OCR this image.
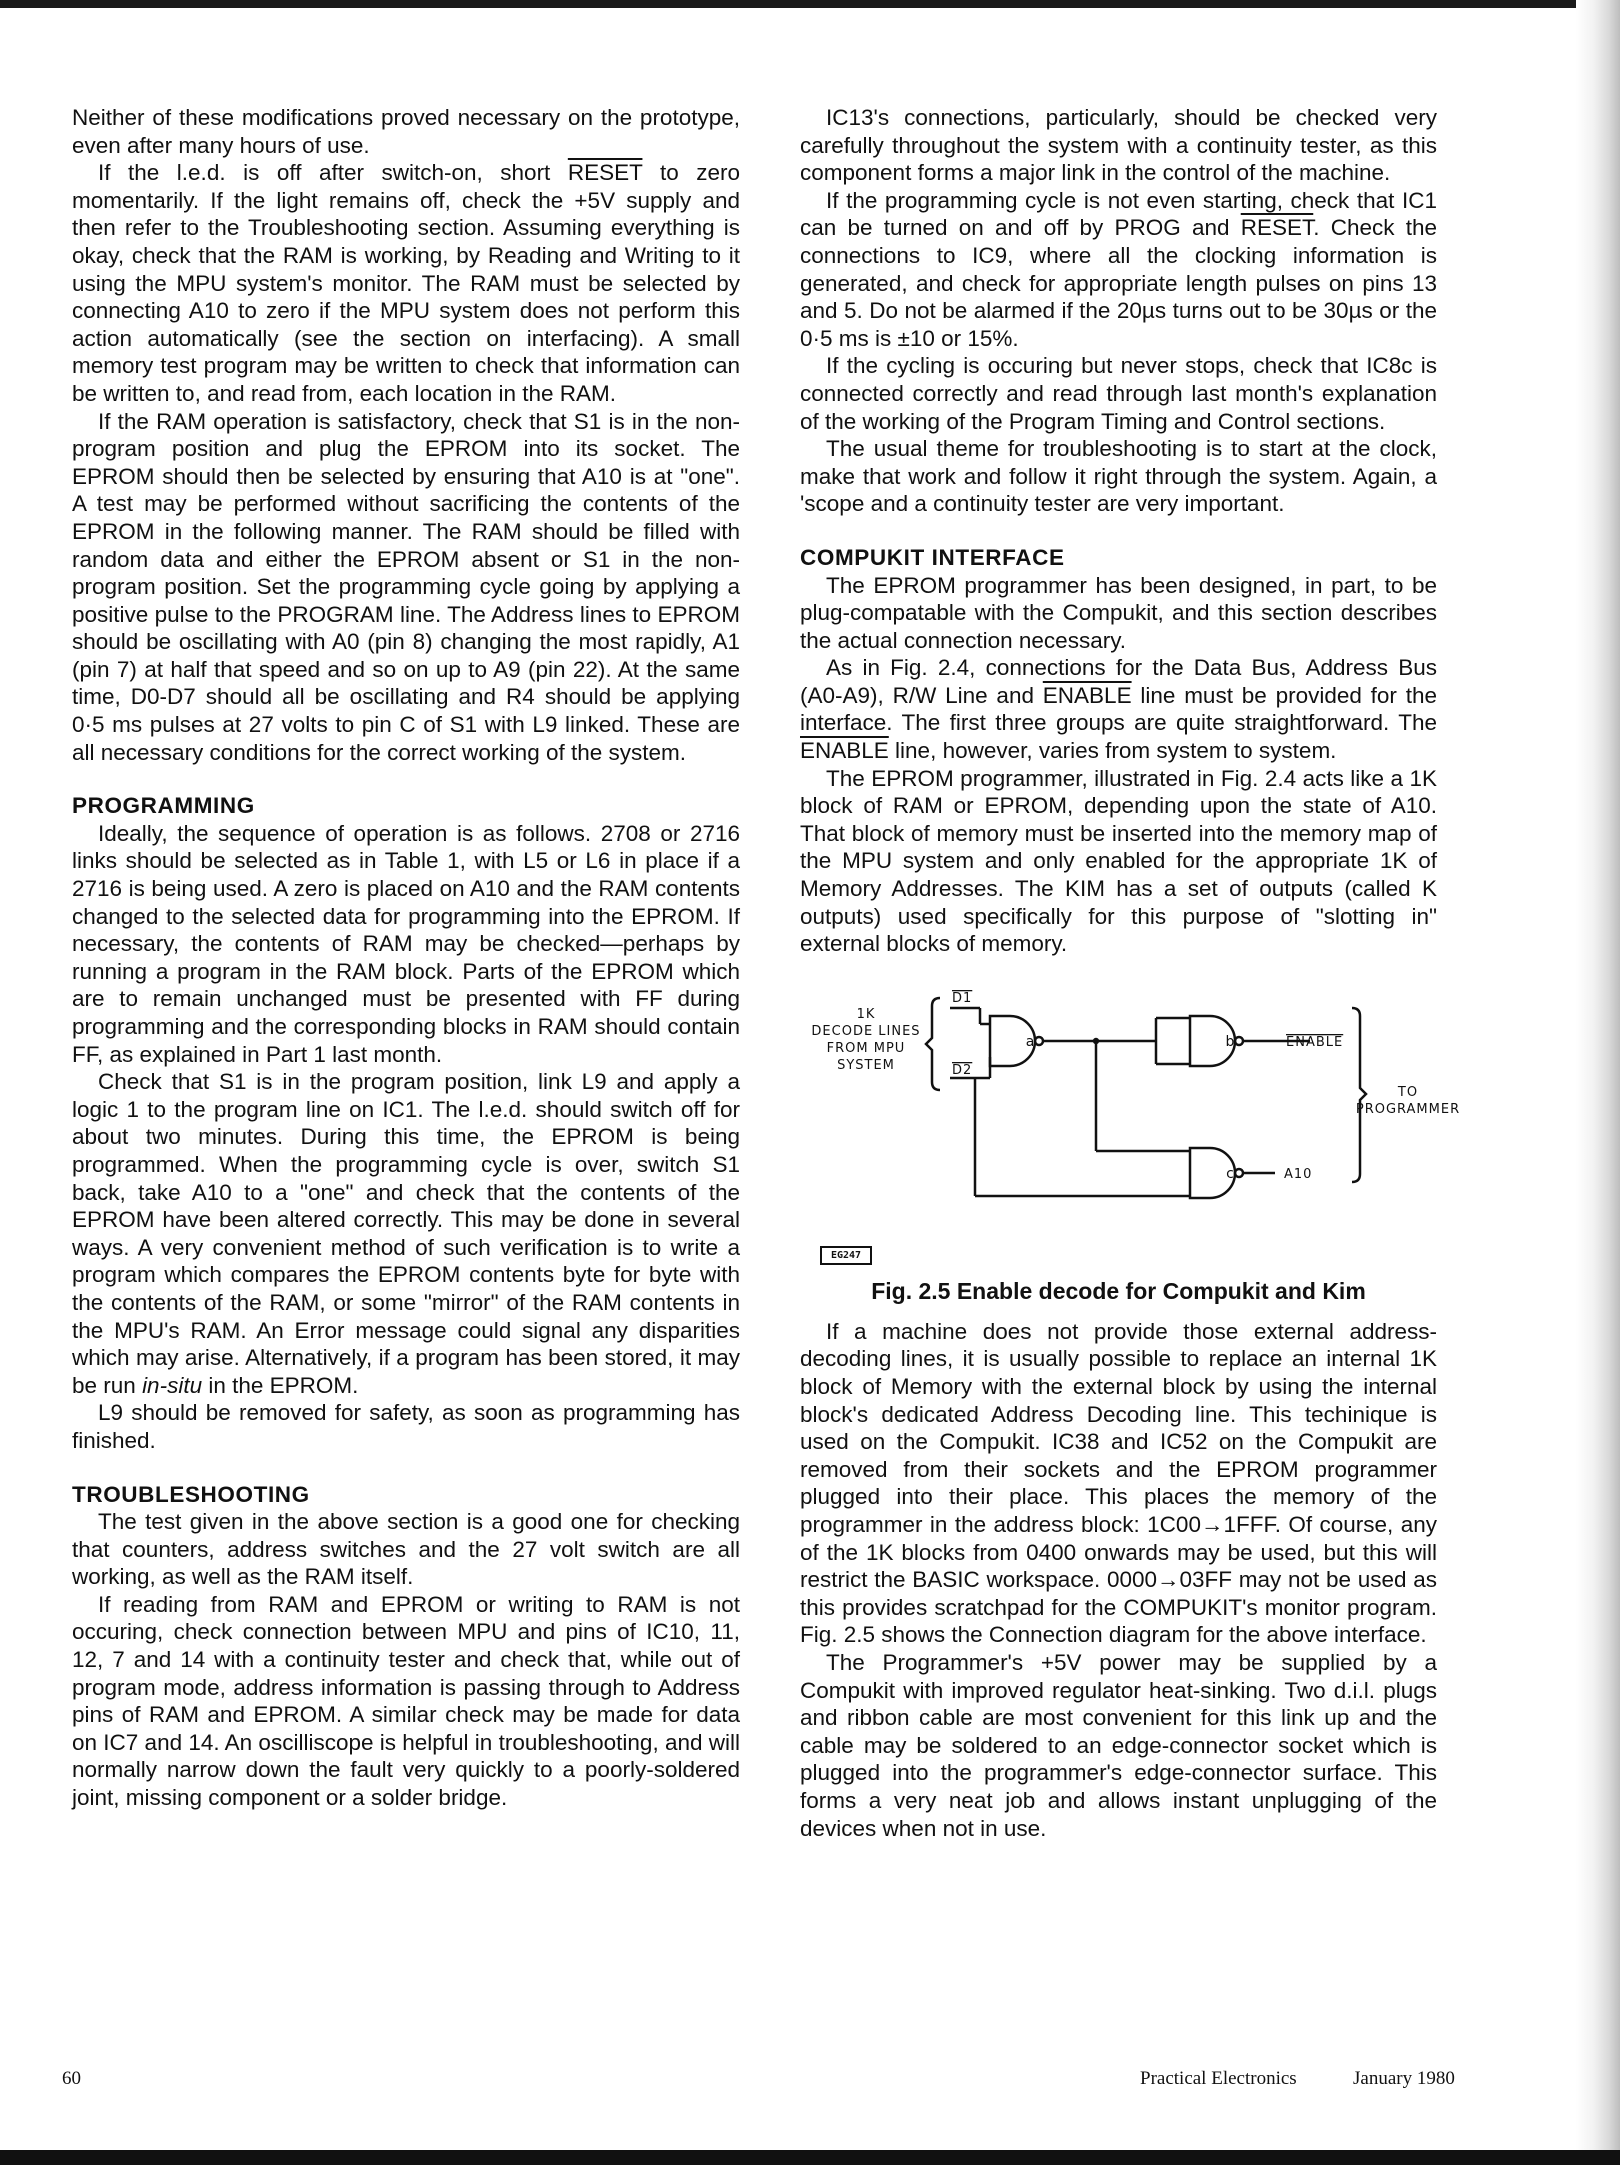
Neither of these modifications proved necessary on the prototype, even after many hours of use.

If the l.e.d. is off after switch-on, short RESET to zero momentarily. If the light remains off, check the +5V supply and then refer to the Troubleshooting section. Assuming everything is okay, check that the RAM is working, by Reading and Writing to it using the MPU system's monitor. The RAM must be selected by connecting A10 to zero if the MPU system does not perform this action automatically (see the section on interfacing). A small memory test program may be written to check that information can be written to, and read from, each location in the RAM.

If the RAM operation is satisfactory, check that S1 is in the non-program position and plug the EPROM into its socket. The EPROM should then be selected by ensuring that A10 is at "one". A test may be performed without sacrificing the contents of the EPROM in the following manner. The RAM should be filled with random data and either the EPROM absent or S1 in the non-program position. Set the programming cycle going by applying a positive pulse to the PROGRAM line. The Address lines to EPROM should be oscillating with A0 (pin 8) changing the most rapidly, A1 (pin 7) at half that speed and so on up to A9 (pin 22). At the same time, D0-D7 should all be oscillating and R4 should be applying 0·5 ms pulses at 27 volts to pin C of S1 with L9 linked. These are all necessary conditions for the correct working of the system.

PROGRAMMING

Ideally, the sequence of operation is as follows. 2708 or 2716 links should be selected as in Table 1, with L5 or L6 in place if a 2716 is being used. A zero is placed on A10 and the RAM contents changed to the selected data for programming into the EPROM. If necessary, the contents of RAM may be checked—perhaps by running a program in the RAM block. Parts of the EPROM which are to remain unchanged must be presented with FF during programming and the corresponding blocks in RAM should contain FF, as explained in Part 1 last month.

Check that S1 is in the program position, link L9 and apply a logic 1 to the program line on IC1. The l.e.d. should switch off for about two minutes. During this time, the EPROM is being programmed. When the programming cycle is over, switch S1 back, take A10 to a "one" and check that the contents of the EPROM have been altered correctly. This may be done in several ways. A very convenient method of such verification is to write a program which compares the EPROM contents byte for byte with the contents of the RAM, or some "mirror" of the RAM contents in the MPU's RAM. An Error message could signal any disparities which may arise. Alternatively, if a program has been stored, it may be run in-situ in the EPROM.

L9 should be removed for safety, as soon as programming has finished.

TROUBLESHOOTING

The test given in the above section is a good one for checking that counters, address switches and the 27 volt switch are all working, as well as the RAM itself.

If reading from RAM and EPROM or writing to RAM is not occuring, check connection between MPU and pins of IC10, 11, 12, 7 and 14 with a continuity tester and check that, while out of program mode, address information is passing through to Address pins of RAM and EPROM. A similar check may be made for data on IC7 and 14. An oscilliscope is helpful in troubleshooting, and will normally narrow down the fault very quickly to a poorly-soldered joint, missing component or a solder bridge.

IC13's connections, particularly, should be checked very carefully throughout the system with a continuity tester, as this component forms a major link in the control of the machine.

If the programming cycle is not even starting, check that IC1 can be turned on and off by PROG and RESET. Check the connections to IC9, where all the clocking information is generated, and check for appropriate length pulses on pins 13 and 5. Do not be alarmed if the 20µs turns out to be 30µs or the 0·5 ms is ±10 or 15%.

If the cycling is occuring but never stops, check that IC8c is connected correctly and read through last month's explanation of the working of the Program Timing and Control sections.

The usual theme for troubleshooting is to start at the clock, make that work and follow it right through the system. Again, a 'scope and a continuity tester are very important.

COMPUKIT INTERFACE

The EPROM programmer has been designed, in part, to be plug-compatable with the Compukit, and this section describes the actual connection necessary.

As in Fig. 2.4, connections for the Data Bus, Address Bus (A0-A9), R/W Line and ENABLE line must be provided for the interface. The first three groups are quite straightforward. The ENABLE line, however, varies from system to system.

The EPROM programmer, illustrated in Fig. 2.4 acts like a 1K block of RAM or EPROM, depending upon the state of A10. That block of memory must be inserted into the memory map of the MPU system and only enabled for the appropriate 1K of Memory Addresses. The KIM has a set of outputs (called K outputs) used specifically for this purpose of "slotting in" external blocks of memory.

1K
DECODE LINES
FROM MPU
SYSTEM
D1
D2
a	b
c
ENABLE
A10
TO
PROGRAMMER
EG247
Fig. 2.5 Enable decode for Compukit and Kim

If a machine does not provide those external address-decoding lines, it is usually possible to replace an internal 1K block of Memory with the external block by using the internal block's dedicated Address Decoding line. This techinique is used on the Compukit. IC38 and IC52 on the Compukit are removed from their sockets and the EPROM programmer plugged into their place. This places the memory of the programmer in the address block: 1C00→1FFF. Of course, any of the 1K blocks from 0400 onwards may be used, but this will restrict the BASIC workspace. 0000→03FF may not be used as this provides scratchpad for the COMPUKIT's monitor program. Fig. 2.5 shows the Connection diagram for the above interface.

The Programmer's +5V power may be supplied by a Compukit with improved regulator heat-sinking. Two d.i.l. plugs and ribbon cable are most convenient for this link up and the cable may be soldered to an edge-connector socket which is plugged into the programmer's edge-connector surface. This forms a very neat job and allows instant unplugging of the devices when not in use.

60	Practical Electronics	January 1980
